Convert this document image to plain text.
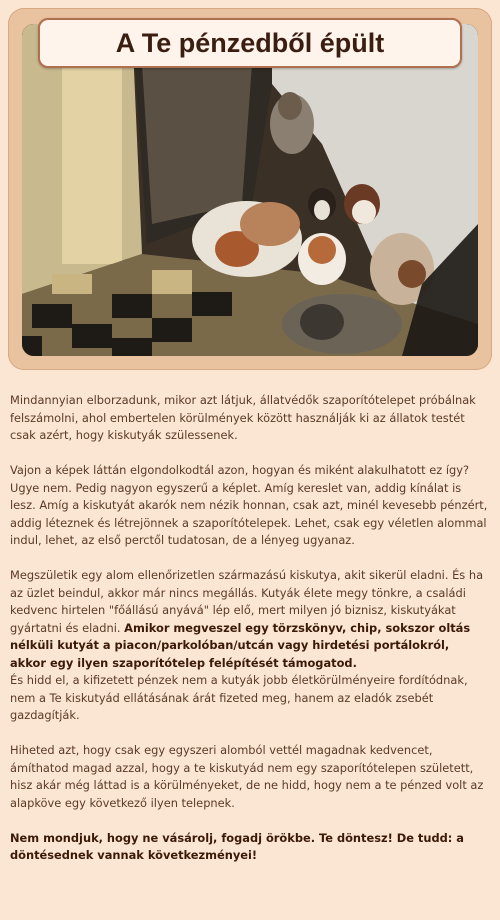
A Te pénzedből épült

Mindannyian elborzadunk, mikor azt látjuk, állatvédők szaporítótelepet próbálnak felszámolni, ahol embertelen körülmények között használják ki az állatok testét csak azért, hogy kiskutyák szülessenek.

Vajon a képek láttán elgondolkodtál azon, hogyan és miként alakulhatott ez így? Ugye nem. Pedig nagyon egyszerű a képlet. Amíg kereslet van, addig kínálat is lesz. Amíg a kiskutyát akarók nem nézik honnan, csak azt, minél kevesebb pénzért, addig léteznek és létrejönnek a szaporítótelepek. Lehet, csak egy véletlen alommal indul, lehet, az első perctől tudatosan, de a lényeg ugyanaz.

Megszületik egy alom ellenőrizetlen származású kiskutya, akit sikerül eladni. És ha az üzlet beindul, akkor már nincs megállás. Kutyák élete megy tönkre, a családi kedvenc hirtelen "főállású anyává" lép elő, mert milyen jó biznisz, kiskutyákat gyártatni és eladni. Amikor megveszel egy törzskönyv, chip, sokszor oltás nélküli kutyát a piacon/parkolóban/utcán vagy hirdetési portálokról, akkor egy ilyen szaporítótelep felépítését támogatod.

És hidd el, a kifizetett pénzek nem a kutyák jobb életkörülményeire fordítódnak, nem a Te kiskutyád ellátásának árát fizeted meg, hanem az eladók zsebét gazdagítják.

Hiheted azt, hogy csak egy egyszeri alomból vettél magadnak kedvencet, ámíthatod magad azzal, hogy a te kiskutyád nem egy szaporítótelepen született, hisz akár még láttad is a körülményeket, de ne hidd, hogy nem a te pénzed volt az alapköve egy következő ilyen telepnek.

Nem mondjuk, hogy ne vásárolj, fogadj örökbe. Te döntesz! De tudd: a döntésednek vannak következményei!
